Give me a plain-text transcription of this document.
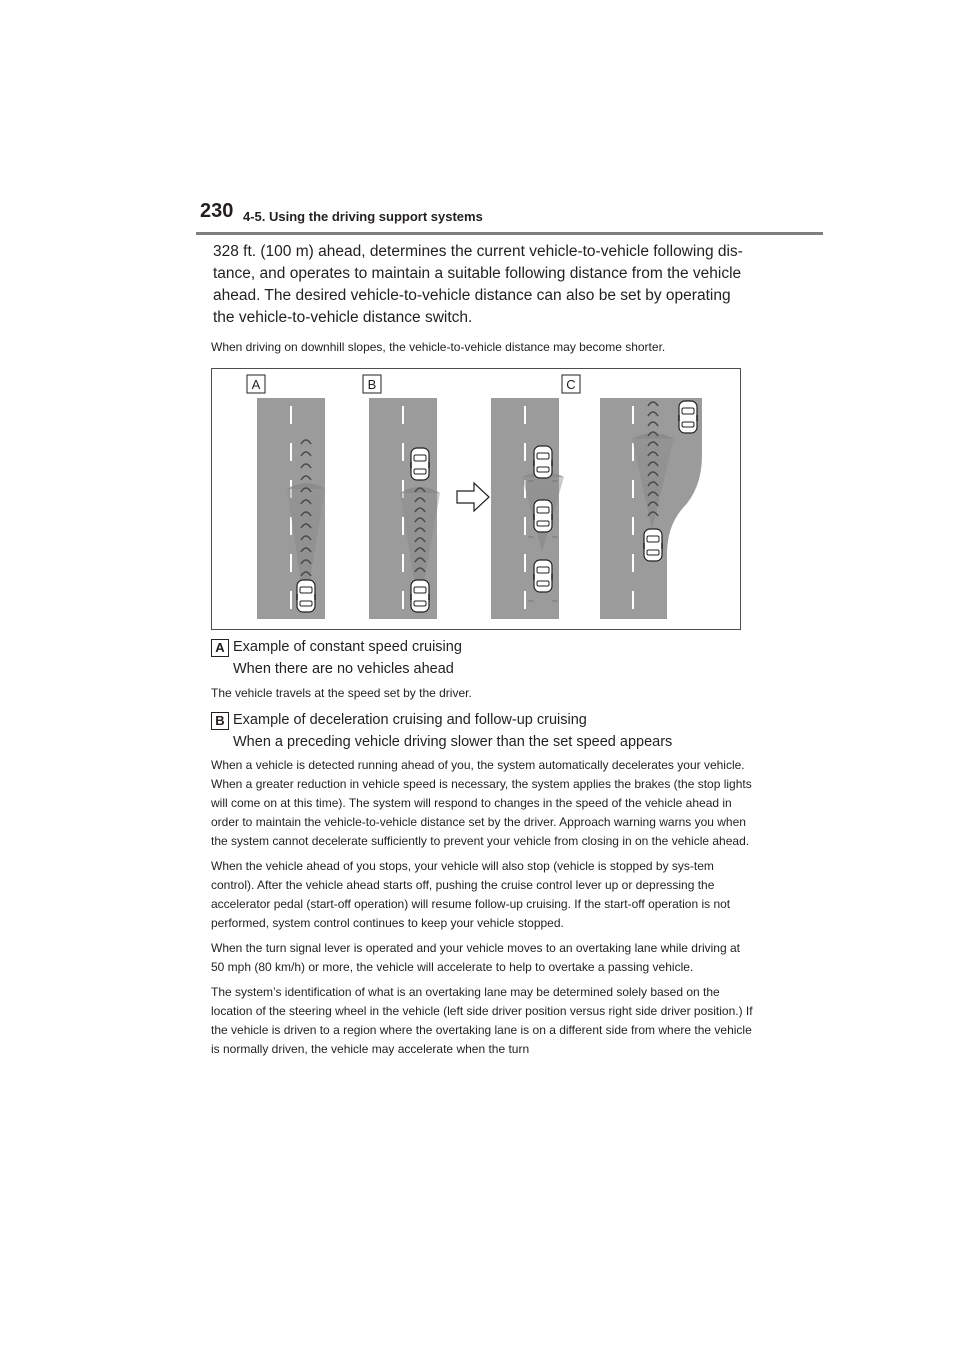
230 4-5. Using the driving support systems
328 ft. (100 m) ahead, determines the current vehicle-to-vehicle following dis-tance, and operates to maintain a suitable following distance from the vehicle ahead. The desired vehicle-to-vehicle distance can also be set by operating the vehicle-to-vehicle distance switch.
When driving on downhill slopes, the vehicle-to-vehicle distance may become shorter.
A	B	C
,,,	,,,
,,,	,,,
,,,	,,,
A Example of constant speed cruising
When there are no vehicles ahead
The vehicle travels at the speed set by the driver.
B Example of deceleration cruising and follow-up cruising
When a preceding vehicle driving slower than the set speed appears

When a vehicle is detected running ahead of you, the system automatically decelerates your vehicle. When a greater reduction in vehicle speed is necessary, the system applies the brakes (the stop lights will come on at this time). The system will respond to changes in the speed of the vehicle ahead in order to maintain the vehicle-to-vehicle distance set by the driver. Approach warning warns you when the system cannot decelerate sufficiently to prevent your vehicle from closing in on the vehicle ahead.

When the vehicle ahead of you stops, your vehicle will also stop (vehicle is stopped by sys-tem control). After the vehicle ahead starts off, pushing the cruise control lever up or depressing the accelerator pedal (start-off operation) will resume follow-up cruising. If the start-off operation is not performed, system control continues to keep your vehicle stopped.

When the turn signal lever is operated and your vehicle moves to an overtaking lane while driving at 50 mph (80 km/h) or more, the vehicle will accelerate to help to overtake a passing vehicle.

The system’s identification of what is an overtaking lane may be determined solely based on the location of the steering wheel in the vehicle (left side driver position versus right side driver position.) If the vehicle is driven to a region where the overtaking lane is on a different side from where the vehicle is normally driven, the vehicle may accelerate when the turn
